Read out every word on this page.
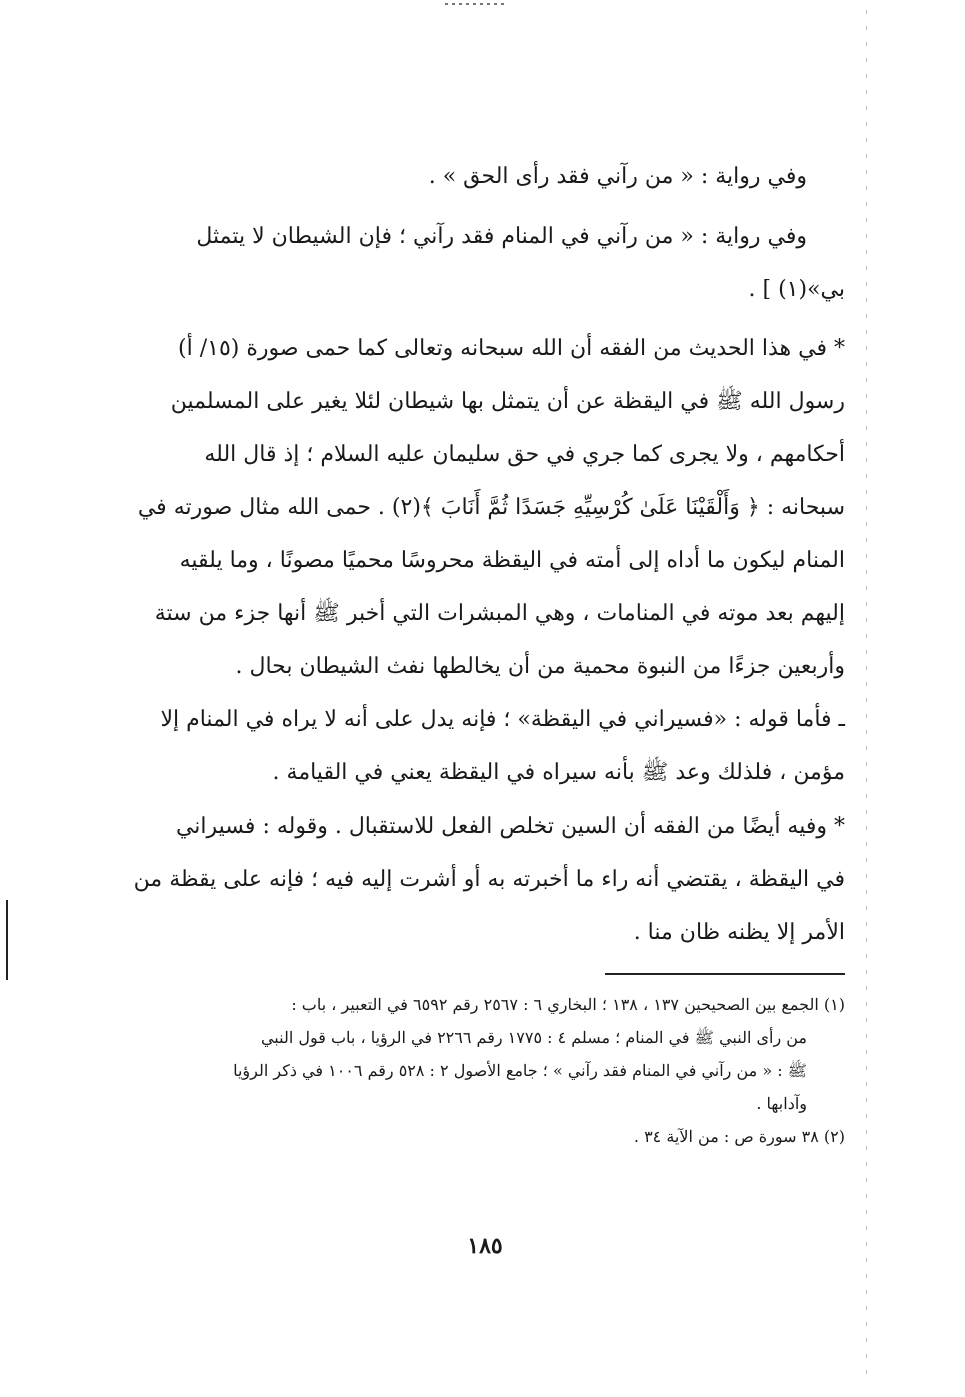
وفي رواية : « من رآني فقد رأى الحق » .
وفي رواية : « من رآني في المنام فقد رآني ؛ فإن الشيطان لا يتمثل
بي»(١) ] .
* في هذا الحديث من الفقه أن الله سبحانه وتعالى كما حمى صورة (١٥/ أ)
رسول الله ﷺ في اليقظة عن أن يتمثل بها شيطان لئلا يغير على المسلمين
أحكامهم ، ولا يجرى كما جري في حق سليمان عليه السلام ؛ إذ قال الله
سبحانه : ﴿ وَأَلْقَيْنَا عَلَىٰ كُرْسِيِّهِ جَسَدًا ثُمَّ أَنَابَ ﴾(٢) . حمى الله مثال صورته في
المنام ليكون ما أداه إلى أمته في اليقظة محروسًا محميًا مصونًا ، وما يلقيه
إليهم بعد موته في المنامات ، وهي المبشرات التي أخبر ﷺ أنها جزء من ستة
وأربعين جزءًا من النبوة محمية من أن يخالطها نفث الشيطان بحال .
ـ فأما قوله : «فسيراني في اليقظة» ؛ فإنه يدل على أنه لا يراه في المنام إلا
مؤمن ، فلذلك وعد ﷺ بأنه سيراه في اليقظة يعني في القيامة .
* وفيه أيضًا من الفقه أن السين تخلص الفعل للاستقبال . وقوله : فسيراني
في اليقظة ، يقتضي أنه راء ما أخبرته به أو أشرت إليه فيه ؛ فإنه على يقظة من
الأمر إلا يظنه ظان منا .
(١) الجمع بين الصحيحين ١٣٧ ، ١٣٨ ؛ البخاري ٦ : ٢٥٦٧ رقم ٦٥٩٢ في التعبير ، باب :
من رأى النبي ﷺ في المنام ؛ مسلم ٤ : ١٧٧٥ رقم ٢٢٦٦ في الرؤيا ، باب قول النبي
ﷺ : « من رآني في المنام فقد رآني » ؛ جامع الأصول ٢ : ٥٢٨ رقم ١٠٠٦ في ذكر الرؤيا
وآدابها .
(٢) ٣٨ سورة ص : من الآية ٣٤ .
١٨٥
